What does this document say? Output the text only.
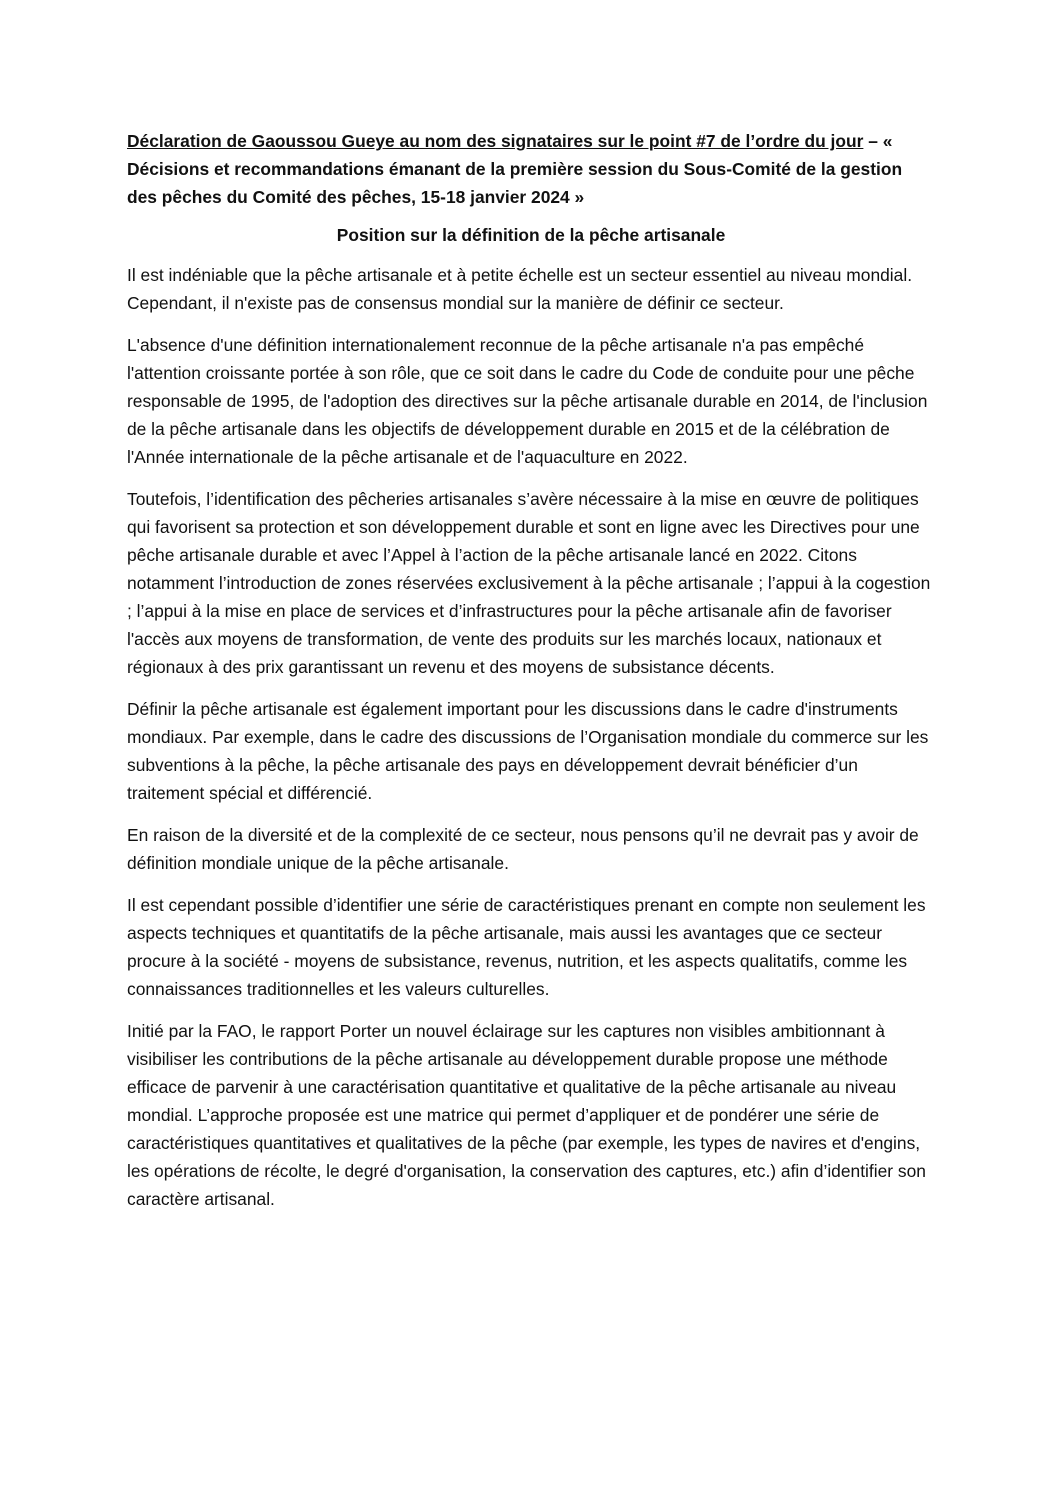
Déclaration de Gaoussou Gueye au nom des signataires sur le point #7 de l’ordre du jour – « Décisions et recommandations émanant de la première session du Sous-Comité de la gestion des pêches du Comité des pêches, 15-18 janvier 2024 »

Position sur la définition de la pêche artisanale

Il est indéniable que la pêche artisanale et à petite échelle est un secteur essentiel au niveau mondial. Cependant, il n'existe pas de consensus mondial sur la manière de définir ce secteur.

L'absence d'une définition internationalement reconnue de la pêche artisanale n'a pas empêché l'attention croissante portée à son rôle, que ce soit dans le cadre du Code de conduite pour une pêche responsable de 1995, de l'adoption des directives sur la pêche artisanale durable en 2014, de l'inclusion de la pêche artisanale dans les objectifs de développement durable en 2015 et de la célébration de l'Année internationale de la pêche artisanale et de l'aquaculture en 2022.

Toutefois, l’identification des pêcheries artisanales s’avère nécessaire à la mise en œuvre de politiques qui favorisent sa protection et son développement durable et sont en ligne avec les Directives pour une pêche artisanale durable et avec l’Appel à l’action de la pêche artisanale lancé en 2022. Citons notamment l’introduction de zones réservées exclusivement à la pêche artisanale ; l’appui à la cogestion ; l’appui à la mise en place de services et d’infrastructures pour la pêche artisanale afin de favoriser l'accès aux moyens de transformation, de vente des produits sur les marchés locaux, nationaux et régionaux à des prix garantissant un revenu et des moyens de subsistance décents.

Définir la pêche artisanale est également important pour les discussions dans le cadre d'instruments mondiaux. Par exemple, dans le cadre des discussions de l’Organisation mondiale du commerce sur les subventions à la pêche, la pêche artisanale des pays en développement devrait bénéficier d’un traitement spécial et différencié.

En raison de la diversité et de la complexité de ce secteur, nous pensons qu’il ne devrait pas y avoir de définition mondiale unique de la pêche artisanale.

Il est cependant possible d’identifier une série de caractéristiques prenant en compte non seulement les aspects techniques et quantitatifs de la pêche artisanale, mais aussi les avantages que ce secteur procure à la société - moyens de subsistance, revenus, nutrition, et les aspects qualitatifs, comme les connaissances traditionnelles et les valeurs culturelles.

Initié par la FAO, le rapport Porter un nouvel éclairage sur les captures non visibles ambitionnant à visibiliser les contributions de la pêche artisanale au développement durable propose une méthode efficace de parvenir à une caractérisation quantitative et qualitative de la pêche artisanale au niveau mondial. L’approche proposée est une matrice qui permet d’appliquer et de pondérer une série de caractéristiques quantitatives et qualitatives de la pêche (par exemple, les types de navires et d'engins, les opérations de récolte, le degré d'organisation, la conservation des captures, etc.) afin d’identifier son caractère artisanal.
